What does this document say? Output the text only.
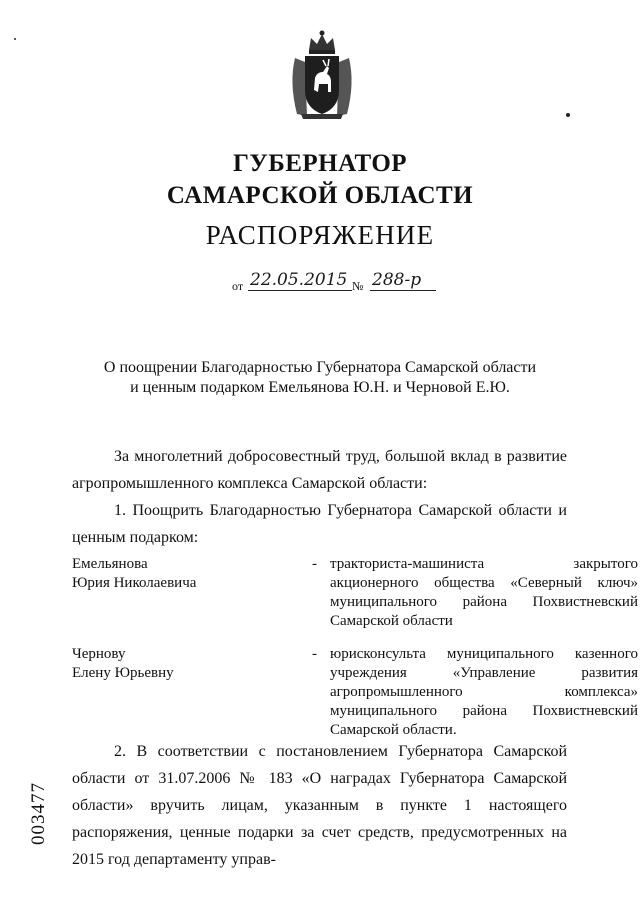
ГУБЕРНАТОР
САМАРСКОЙ ОБЛАСТИ
РАСПОРЯЖЕНИЕ
от 22.05.2015 № 288-р
О поощрении Благодарностью Губернатора Самарской области
и ценным подарком Емельянова Ю.Н. и Черновой Е.Ю.
За многолетний добросовестный труд, большой вклад в развитие агропромышленного комплекса Самарской области:
1. Поощрить Благодарностью Губернатора Самарской области и ценным подарком:
Емельянова
Юрия Николаевича
- тракториста-машиниста закрытого акционерного общества «Северный ключ» муниципального района Похвистневский Самарской области
Чернову
Елену Юрьевну
- юрисконсульта муниципального казенного учреждения «Управление развития агропромышленного комплекса» муниципального района Похвистневский Самарской области.
2. В соответствии с постановлением Губернатора Самарской области от 31.07.2006 № 183 «О наградах Губернатора Самарской области» вручить лицам, указанным в пункте 1 настоящего распоряжения, ценные подарки за счет средств, предусмотренных на 2015 год департаменту управ-
003477
